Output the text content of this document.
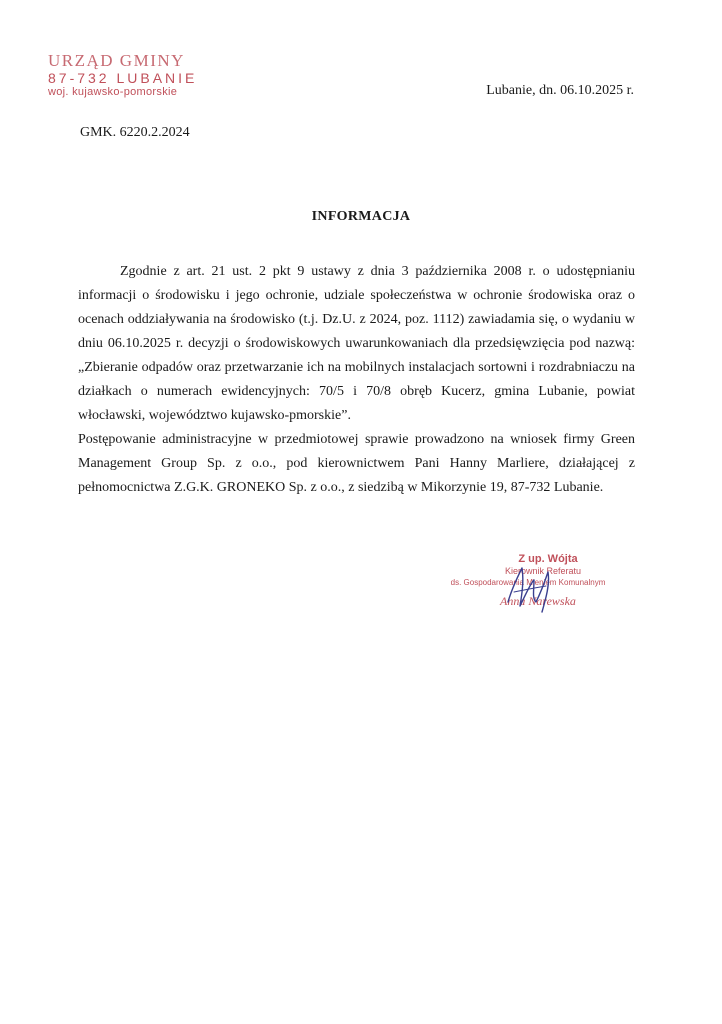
URZĄD GMINY
87-732 LUBANIE
woj. kujawsko-pomorskie	Lubanie, dn. 06.10.2025 r.
GMK. 6220.2.2024
INFORMACJA

Zgodnie z art. 21 ust. 2 pkt 9 ustawy z dnia 3 października 2008 r. o udostępnianiu informacji o środowisku i jego ochronie, udziale społeczeństwa w ochronie środowiska oraz o ocenach oddziaływania na środowisko (t.j. Dz.U. z 2024, poz. 1112) zawiadamia się, o wydaniu w dniu 06.10.2025 r. decyzji o środowiskowych uwarunkowaniach dla przedsięwzięcia pod nazwą: „Zbieranie odpadów oraz przetwarzanie ich na mobilnych instalacjach sortowni i rozdrabniaczu na działkach o numerach ewidencyjnych: 70/5 i 70/8 obręb Kucerz, gmina Lubanie, powiat włocławski, województwo kujawsko-pmorskie”.

Postępowanie administracyjne w przedmiotowej sprawie prowadzono na wniosek firmy Green Management Group Sp. z o.o., pod kierownictwem Pani Hanny Marliere, działającej z pełnomocnictwa Z.G.K. GRONEKO Sp. z o.o., z siedzibą w Mikorzynie 19, 87-732 Lubanie.

Z up. Wójta
Kierownik Referatu
ds. Gospodarowania Mieniem Komunalnym
Anna Narewska
